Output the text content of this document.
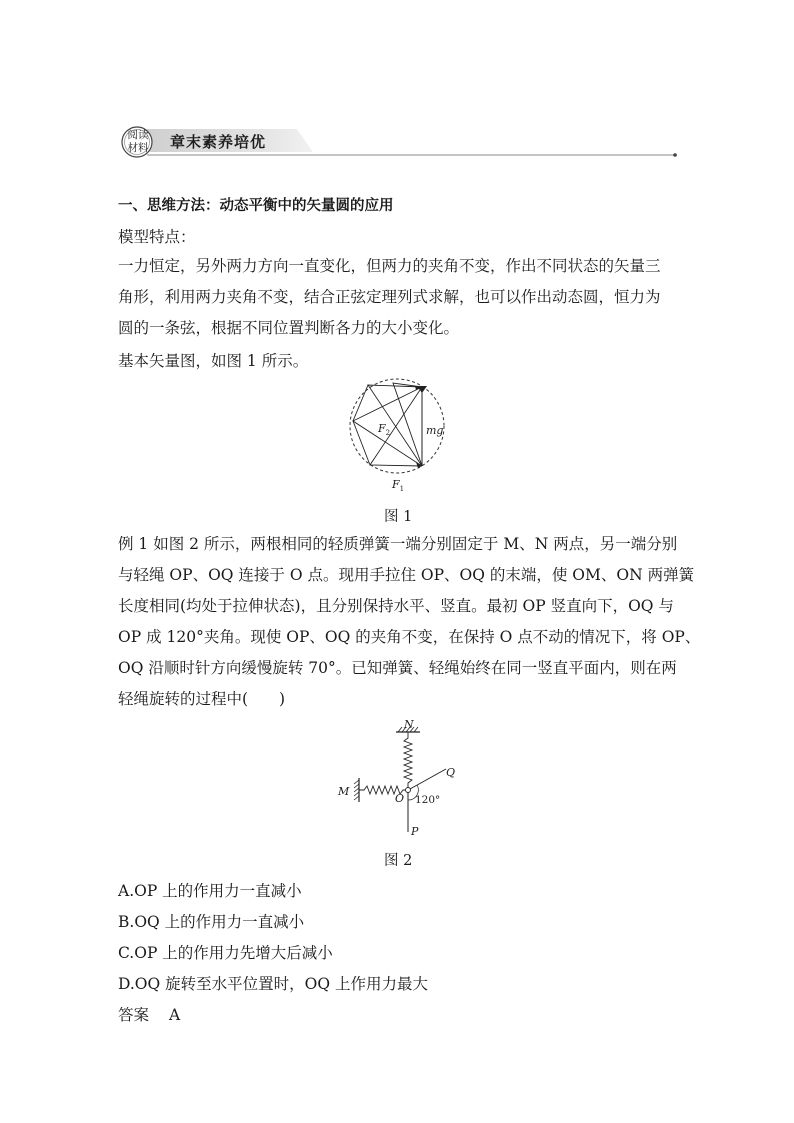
阅读
材料 章末素养培优
一、思维方法：动态平衡中的矢量圆的应用
模型特点：
一力恒定，另外两力方向一直变化，但两力的夹角不变，作出不同状态的矢量三
角形，利用两力夹角不变，结合正弦定理列式求解，也可以作出动态圆，恒力为
圆的一条弦，根据不同位置判断各力的大小变化。
基本矢量图，如图 1 所示。
$F_2$	mg
$F_1$
图 1
例 1 如图 2 所示，两根相同的轻质弹簧一端分别固定于 M、N 两点，另一端分别
与轻绳 OP、OQ 连接于 O 点。现用手拉住 OP、OQ 的末端，使 OM、ON 两弹簧
长度相同(均处于拉伸状态)，且分别保持水平、竖直。最初 OP 竖直向下，OQ 与
OP 成 120°夹角。现使 OP、OQ 的夹角不变，在保持 O 点不动的情况下，将 OP、
OQ 沿顺时针方向缓慢旋转 70°。已知弹簧、轻绳始终在同一竖直平面内，则在两
轻绳旋转的过程中(　　)
N
M
O
Q
P
120°
图 2
A.OP 上的作用力一直减小
B.OQ 上的作用力一直减小
C.OP 上的作用力先增大后减小
D.OQ 旋转至水平位置时，OQ 上作用力最大
答案 A
